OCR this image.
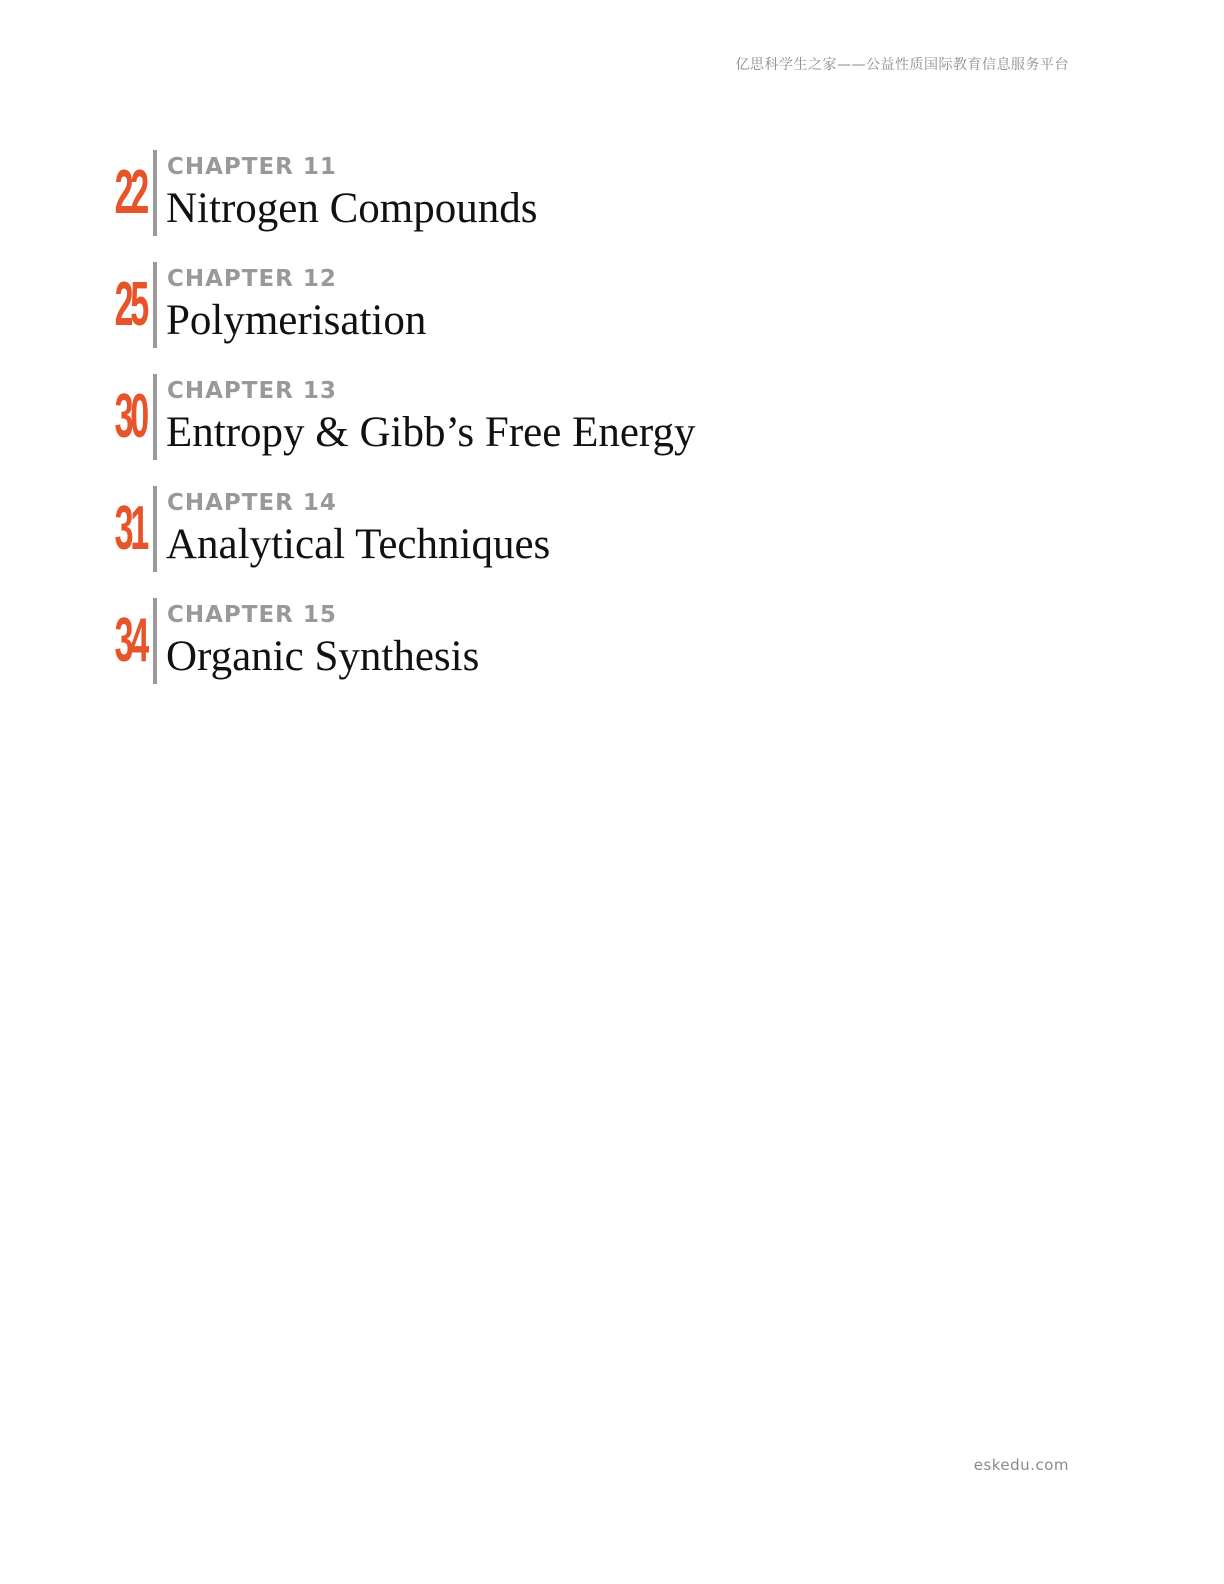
亿思科学生之家——公益性质国际教育信息服务平台
22 CHAPTER 11
Nitrogen Compounds
25 CHAPTER 12
Polymerisation
30 CHAPTER 13
Entropy & Gibb’s Free Energy
31 CHAPTER 14
Analytical Techniques
34 CHAPTER 15
Organic Synthesis
eskedu.com
